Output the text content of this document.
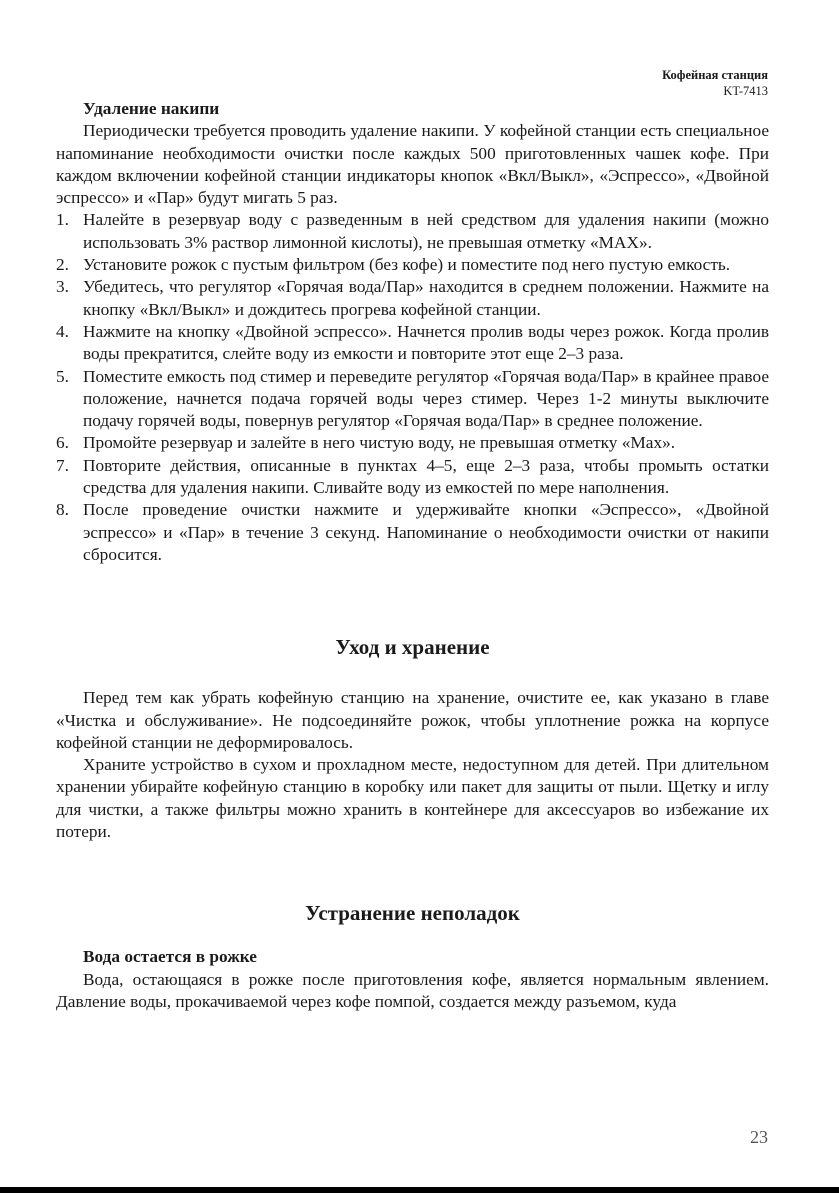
Кофейная станция
KT-7413

Удаление накипи

Периодически требуется проводить удаление накипи. У кофейной станции есть специальное напоминание необходимости очистки после каждых 500 приготовленных чашек кофе. При каждом включении кофейной станции индикаторы кнопок «Вкл/Выкл», «Эспрессо», «Двойной эспрессо» и «Пар» будут мигать 5 раз.

1. Налейте в резервуар воду с разведенным в ней средством для удаления накипи (можно использовать 3% раствор лимонной кислоты), не превышая отметку «MAX».
2. Установите рожок с пустым фильтром (без кофе) и поместите под него пустую емкость.
3. Убедитесь, что регулятор «Горячая вода/Пар» находится в среднем положении. Нажмите на кнопку «Вкл/Выкл» и дождитесь прогрева кофейной станции.
4. Нажмите на кнопку «Двойной эспрессо». Начнется пролив воды через рожок. Когда пролив воды прекратится, слейте воду из емкости и повторите этот еще 2–3 раза.
5. Поместите емкость под стимер и переведите регулятор «Горячая вода/Пар» в крайнее правое положение, начнется подача горячей воды через стимер. Через 1-2 минуты выключите подачу горячей воды, повернув регулятор «Горячая вода/Пар» в среднее положение.
6. Промойте резервуар и залейте в него чистую воду, не превышая отметку «Max».
7. Повторите действия, описанные в пунктах 4–5, еще 2–3 раза, чтобы промыть остатки средства для удаления накипи. Сливайте воду из емкостей по мере наполнения.
8. После проведение очистки нажмите и удерживайте кнопки «Эспрессо», «Двойной эспрессо» и «Пар» в течение 3 секунд. Напоминание о необходимости очистки от накипи сбросится.
Уход и хранение

Перед тем как убрать кофейную станцию на хранение, очистите ее, как указано в главе «Чистка и обслуживание». Не подсоединяйте рожок, чтобы уплотнение рожка на корпусе кофейной станции не деформировалось.

Храните устройство в сухом и прохладном месте, недоступном для детей. При длительном хранении убирайте кофейную станцию в коробку или пакет для защиты от пыли. Щетку и иглу для чистки, а также фильтры можно хранить в контейнере для аксессуаров во избежание их потери.

Устранение неполадок

Вода остается в рожке

Вода, остающаяся в рожке после приготовления кофе, является нормальным явлением. Давление воды, прокачиваемой через кофе помпой, создается между разъемом, куда

23
